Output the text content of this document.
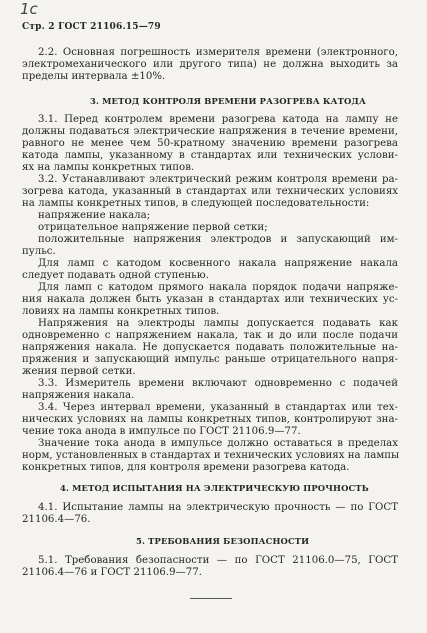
1с
Стр. 2 ГОСТ 21106.15—79
2.2. Основная погрешность измерителя времени (электронного,
электромеханического или другого типа) не должна выходить за
пределы интервала ±10%.
3. МЕТОД КОНТРОЛЯ ВРЕМЕНИ РАЗОГРЕВА КАТОДА
3.1. Перед контролем времени разогрева катода на лампу не
должны подаваться электрические напряжения в течение времени,
равного не менее чем 50-кратному значению времени разогрева
катода лампы, указанному в стандартах или технических услови-
ях на лампы конкретных типов.
3.2. Устанавливают электрический режим контроля времени ра-
зогрева катода, указанный в стандартах или технических условиях
на лампы конкретных типов, в следующей последовательности:
напряжение накала;
отрицательное напряжение первой сетки;
положительные напряжения электродов и запускающий им-
пульс.
Для ламп с катодом косвенного накала напряжение накала
следует подавать одной ступенью.
Для ламп с катодом прямого накала порядок подачи напряже-
ния накала должен быть указан в стандартах или технических ус-
ловиях на лампы конкретных типов.
Напряжения на электроды лампы допускается подавать как
одновременно с напряжением накала, так и до или после подачи
напряжения накала. Не допускается подавать положительные на-
пряжения и запускающий импульс раньше отрицательного напря-
жения первой сетки.
3.3. Измеритель времени включают одновременно с подачей
напряжения накала.
3.4. Через интервал времени, указанный в стандартах или тех-
нических условиях на лампы конкретных типов, контролируют зна-
чение тока анода в импульсе по ГОСТ 21106.9—77.
Значение тока анода в импульсе должно оставаться в пределах
норм, установленных в стандартах и технических условиях на лампы
конкретных типов, для контроля времени разогрева катода.
4. МЕТОД ИСПЫТАНИЯ НА ЭЛЕКТРИЧЕСКУЮ ПРОЧНОСТЬ
4.1. Испытание лампы на электрическую прочность — по ГОСТ
21106.4—76.
5. ТРЕБОВАНИЯ БЕЗОПАСНОСТИ
5.1. Требования безопасности — по ГОСТ 21106.0—75, ГОСТ
21106.4—76 и ГОСТ 21106.9—77.
